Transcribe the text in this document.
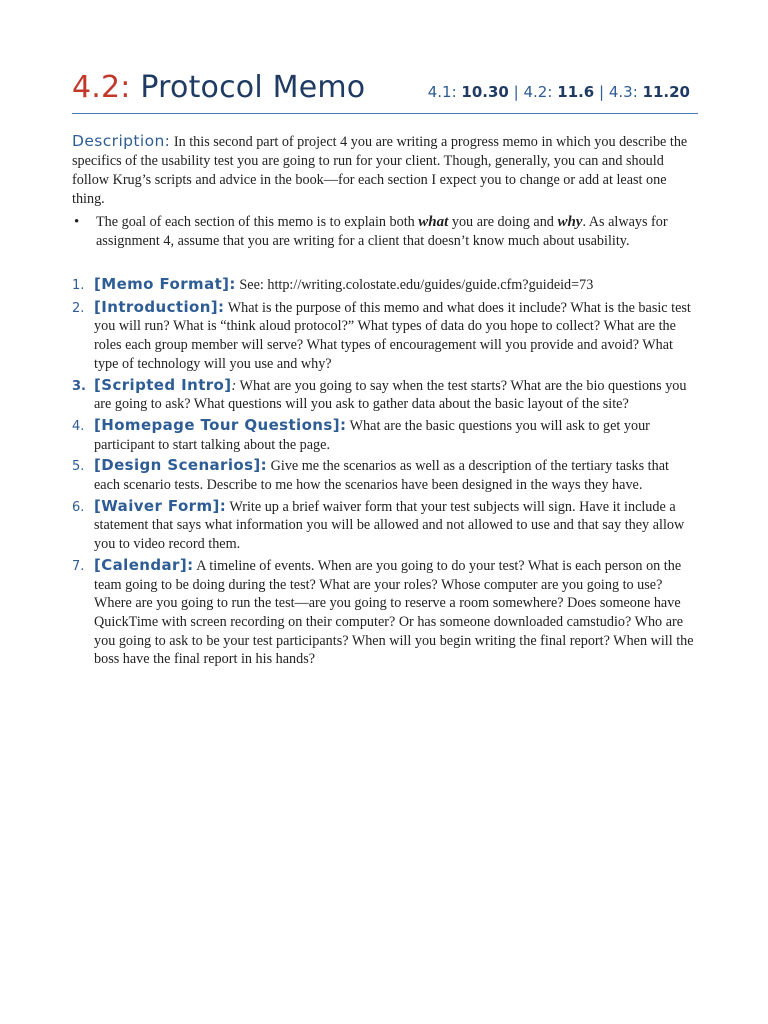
4.2: Protocol Memo	4.1: 10.30 | 4.2: 11.6 | 4.3: 11.20
Description: In this second part of project 4 you are writing a progress memo in which you describe the specifics of the usability test you are going to run for your client. Though, generally, you can and should follow Krug’s scripts and advice in the book—for each section I expect you to change or add at least one thing.
•	The goal of each section of this memo is to explain both what you are doing and why. As always for assignment 4, assume that you are writing for a client that doesn’t know much about usability.
1. [Memo Format]: See: http://writing.colostate.edu/guides/guide.cfm?guideid=73
2. [Introduction]: What is the purpose of this memo and what does it include? What is the basic test you will run? What is “think aloud protocol?” What types of data do you hope to collect? What are the roles each group member will serve? What types of encouragement will you provide and avoid? What type of technology will you use and why?
3. [Scripted Intro]: What are you going to say when the test starts? What are the bio questions you are going to ask? What questions will you ask to gather data about the basic layout of the site?
4. [Homepage Tour Questions]: What are the basic questions you will ask to get your participant to start talking about the page.
5. [Design Scenarios]: Give me the scenarios as well as a description of the tertiary tasks that each scenario tests. Describe to me how the scenarios have been designed in the ways they have.
6. [Waiver Form]: Write up a brief waiver form that your test subjects will sign. Have it include a statement that says what information you will be allowed and not allowed to use and that say they allow you to video record them.
7. [Calendar]: A timeline of events. When are you going to do your test? What is each person on the team going to be doing during the test? What are your roles? Whose computer are you going to use? Where are you going to run the test—are you going to reserve a room somewhere? Does someone have QuickTime with screen recording on their computer? Or has someone downloaded camstudio? Who are you going to ask to be your test participants? When will you begin writing the final report? When will the boss have the final report in his hands?
